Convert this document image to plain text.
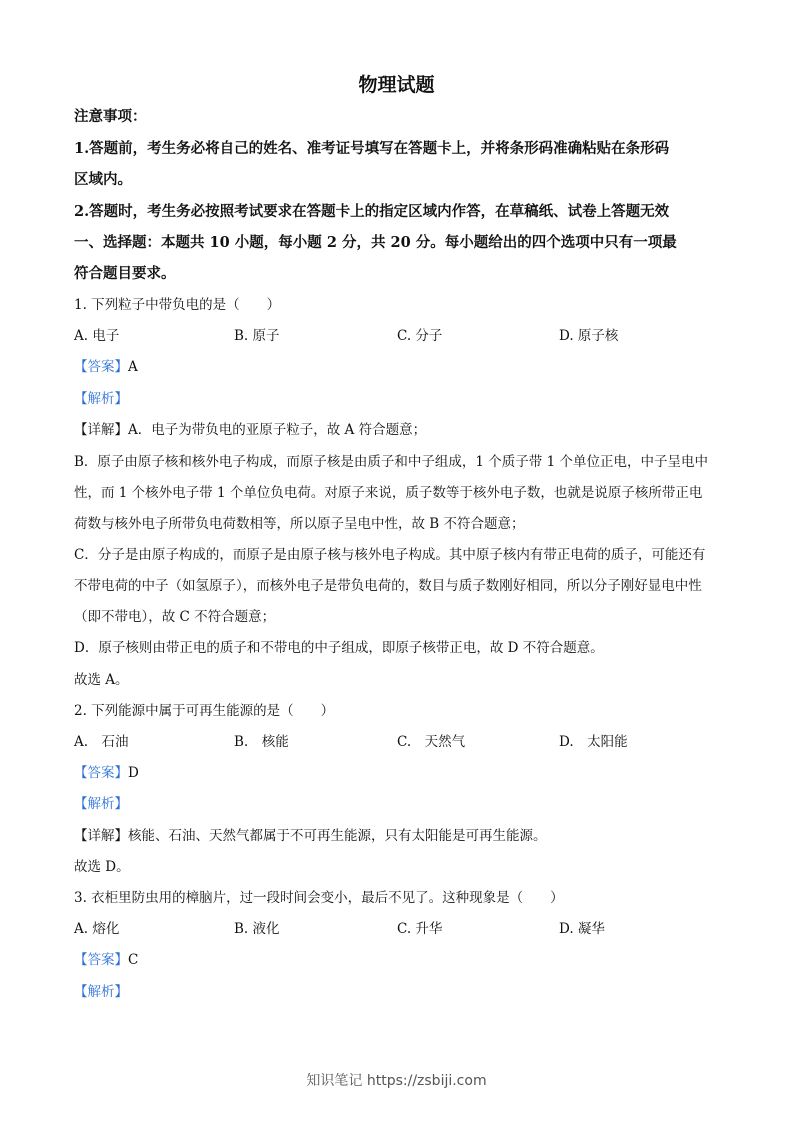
物理试题
注意事项：
1.答题前，考生务必将自己的姓名、准考证号填写在答题卡上，并将条形码准确粘贴在条形码
区域内。
2.答题时，考生务必按照考试要求在答题卡上的指定区域内作答，在草稿纸、试卷上答题无效
一、选择题：本题共 10 小题，每小题 2 分，共 20 分。每小题给出的四个选项中只有一项最
符合题目要求。
1. 下列粒子中带负电的是（　　）
A. 电子	B. 原子	C. 分子	D. 原子核
【答案】A
【解析】
【详解】A．电子为带负电的亚原子粒子，故 A 符合题意；
B．原子由原子核和核外电子构成，而原子核是由质子和中子组成，1 个质子带 1 个单位正电，中子呈电中
性，而 1 个核外电子带 1 个单位负电荷。对原子来说，质子数等于核外电子数，也就是说原子核所带正电
荷数与核外电子所带负电荷数相等，所以原子呈电中性，故 B 不符合题意；
C．分子是由原子构成的，而原子是由原子核与核外电子构成。其中原子核内有带正电荷的质子，可能还有
不带电荷的中子（如氢原子），而核外电子是带负电荷的，数目与质子数刚好相同，所以分子刚好显电中性
（即不带电），故 C 不符合题意；
D．原子核则由带正电的质子和不带电的中子组成，即原子核带正电，故 D 不符合题意。
故选 A。
2. 下列能源中属于可再生能源的是（　　）
A.　石油	B.　核能	C.　天然气	D.　太阳能
【答案】D
【解析】
【详解】核能、石油、天然气都属于不可再生能源，只有太阳能是可再生能源。
故选 D。
3. 衣柜里防虫用的樟脑片，过一段时间会变小，最后不见了。这种现象是（　　）
A. 熔化	B. 液化	C. 升华	D. 凝华
【答案】C
【解析】
知识笔记 https://zsbiji.com
